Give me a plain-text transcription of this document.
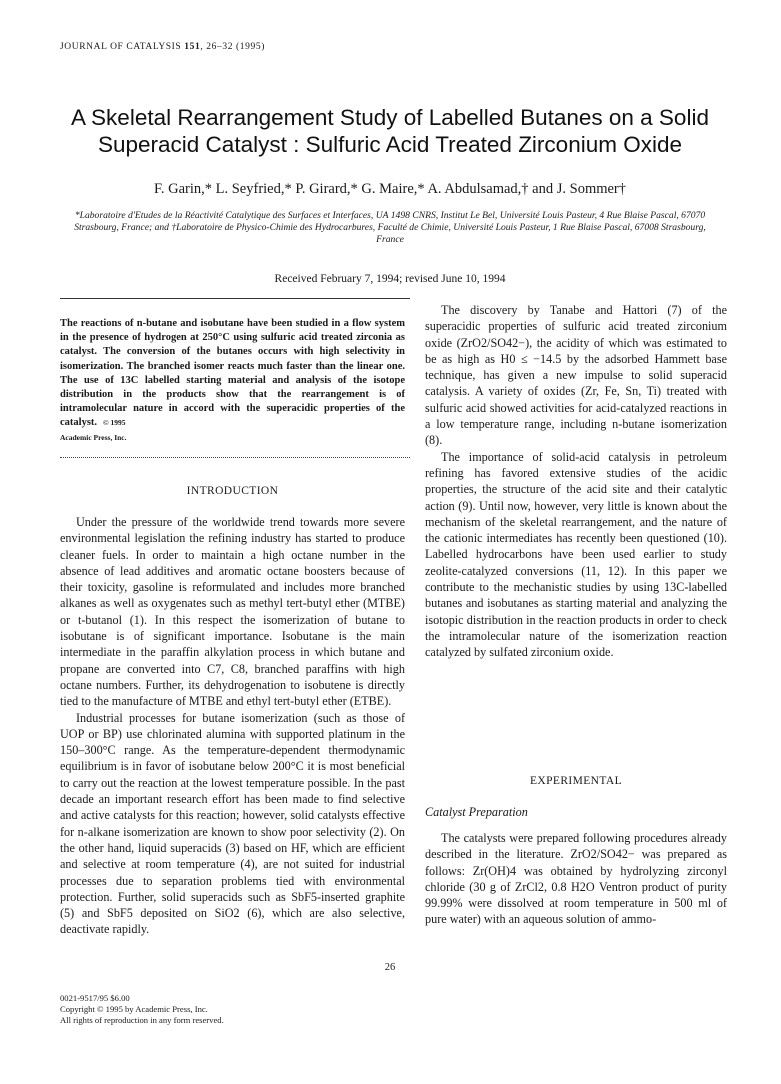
JOURNAL OF CATALYSIS 151, 26–32 (1995)
A Skeletal Rearrangement Study of Labelled Butanes on a Solid
Superacid Catalyst : Sulfuric Acid Treated Zirconium Oxide
F. Garin,* L. Seyfried,* P. Girard,* G. Maire,* A. Abdulsamad,† and J. Sommer†
*Laboratoire d'Etudes de la Réactivité Catalytique des Surfaces et Interfaces, UA 1498 CNRS, Institut Le Bel, Université Louis Pasteur, 4 Rue Blaise Pascal, 67070 Strasbourg, France; and †Laboratoire de Physico-Chimie des Hydrocarbures, Faculté de Chimie, Université Louis Pasteur, 1 Rue Blaise Pascal, 67008 Strasbourg, France
Received February 7, 1994; revised June 10, 1994
The reactions of n-butane and isobutane have been studied in a flow system in the presence of hydrogen at 250°C using sulfuric acid treated zirconia as catalyst. The conversion of the butanes occurs with high selectivity in isomerization. The branched isomer reacts much faster than the linear one. The use of 13C labelled starting material and analysis of the isotope distribution in the products show that the rearrangement is of intramolecular nature in accord with the superacidic properties of the catalyst. © 1995
Academic Press, Inc.
INTRODUCTION

Under the pressure of the worldwide trend towards more severe environmental legislation the refining industry has started to produce cleaner fuels. In order to maintain a high octane number in the absence of lead additives and aromatic octane boosters because of their toxicity, gasoline is reformulated and includes more branched alkanes as well as oxygenates such as methyl tert-butyl ether (MTBE) or t-butanol (1). In this respect the isomerization of butane to isobutane is of significant importance. Isobutane is the main intermediate in the paraffin alkylation process in which butane and propane are converted into C7, C8, branched paraffins with high octane numbers. Further, its dehydrogenation to isobutene is directly tied to the manufacture of MTBE and ethyl tert-butyl ether (ETBE).

Industrial processes for butane isomerization (such as those of UOP or BP) use chlorinated alumina with supported platinum in the 150–300°C range. As the temperature-dependent thermodynamic equilibrium is in favor of isobutane below 200°C it is most beneficial to carry out the reaction at the lowest temperature possible. In the past decade an important research effort has been made to find selective and active catalysts for this reaction; however, solid catalysts effective for n-alkane isomerization are known to show poor selectivity (2). On the other hand, liquid superacids (3) based on HF, which are efficient and selective at room temperature (4), are not suited for industrial processes due to separation problems tied with environmental protection. Further, solid superacids such as SbF5-inserted graphite (5) and SbF5 deposited on SiO2 (6), which are also selective, deactivate rapidly.

The discovery by Tanabe and Hattori (7) of the superacidic properties of sulfuric acid treated zirconium oxide (ZrO2/SO42−), the acidity of which was estimated to be as high as H0 ≤ −14.5 by the adsorbed Hammett base technique, has given a new impulse to solid superacid catalysis. A variety of oxides (Zr, Fe, Sn, Ti) treated with sulfuric acid showed activities for acid-catalyzed reactions in a low temperature range, including n-butane isomerization (8).

The importance of solid-acid catalysis in petroleum refining has favored extensive studies of the acidic properties, the structure of the acid site and their catalytic action (9). Until now, however, very little is known about the mechanism of the skeletal rearrangement, and the nature of the cationic intermediates has recently been questioned (10). Labelled hydrocarbons have been used earlier to study zeolite-catalyzed conversions (11, 12). In this paper we contribute to the mechanistic studies by using 13C-labelled butanes and isobutanes as starting material and analyzing the isotopic distribution in the reaction products in order to check the intramolecular nature of the isomerization reaction catalyzed by sulfated zirconium oxide.

EXPERIMENTAL
Catalyst Preparation

The catalysts were prepared following procedures already described in the literature. ZrO2/SO42− was prepared as follows: Zr(OH)4 was obtained by hydrolyzing zirconyl chloride (30 g of ZrCl2, 0.8 H2O Ventron product of purity 99.99% were dissolved at room temperature in 500 ml of pure water) with an aqueous solution of ammo-

26
0021-9517/95 $6.00
Copyright © 1995 by Academic Press, Inc.
All rights of reproduction in any form reserved.
